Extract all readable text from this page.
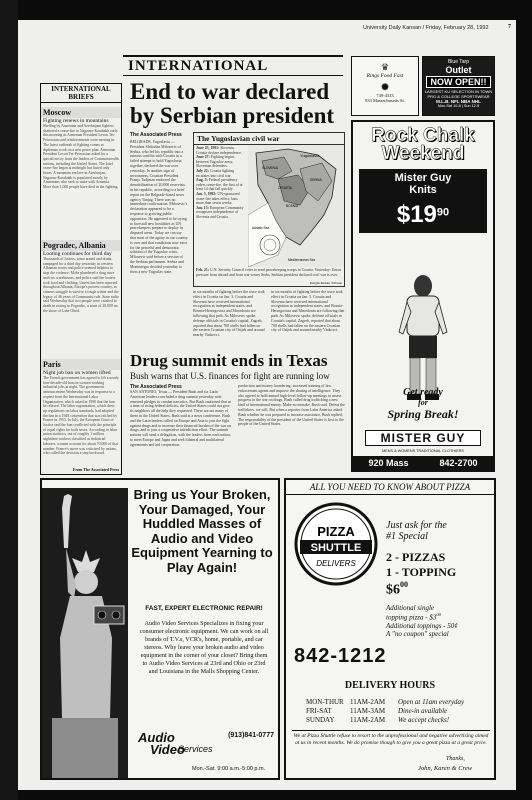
University Daily Kansan / Friday, February 28, 1992	7
INTERNATIONAL
INTERNATIONAL BRIEFS
Moscow
Fighting renews in mountains
Shelling by Armenian and Azerbaijani fighters shattered a cease-fire in Nagorno-Karabakh early this morning as Armenian President Levon Ter-Petrossian said reinforcements were moving in. The latest outbreak of fighting comes as diplomats work on a new peace plan. Armenian President Levon Ter-Petrossian asked for a special envoy from the leaders of Commonwealth nations, including the United States. The brief cease-fire began at midnight but lasted only hours. A mountain enclave in Azerbaijan, Nagorno-Karabakh is populated mostly by Armenians who seek to unite with Armenia. More than 1,000 people have died in the fighting.
Pogradec, Albania
Looting continues for third day
Thousands of looters, some armed and drunk, rampaged for a third day yesterday in western Albanian towns and police seemed helpless to stop the violence. Mobs plundered a drug store and two warehouses, and police said the looters took food and clothing. Unrest has been reported throughout Albania, Europe's poorest country, as citizens struggle to survive a tough winter and the legacy of 46 years of Communist rule. State radio said Wednesday that two people were crushed to death in rioting in Pogradec, a town of 20,000 on the shore of Lake Ohrid.
Paris
Night job ban on women lifted
The French government has agreed to lift a nearly four-decade-old ban on women working industrial jobs at night. The government announcement Wednesday was in response to a request from the International Labor Organization, which asked in 1990 that the ban be relaxed. The labor organization, which drew up regulations on labor standards, had adopted the ban in a 1948 convention that was ratified by France in 1953. In July, the European Court of Justice said the ban conflicted with the principle of equal rights for both sexes. According to labor union statistics, out of roughly 1 million nighttime workers classified as industrial laborers, women account for about 70,000 of that number. France's move was criticized by unions, who called the decision a step backward.
From The Associated Press
End to war declared by Serbian president
The Associated Press
BELGRADE, Yugoslavia — President Slobodan Milosevic of Serbia, who led his republic into a ruinous conflict with Croatia in a failed attempt to hold Yugoslavia together, declared the war over yesterday. In another sign of seriousness, Croatian President Franjo Tudjman endorsed the demobilization of 20,000 reservists in his republic, according to a brief report on the Belgrade-based news agency Tanjug. There was no immediate confirmation. Milosevic's declaration appeared to be a response to growing public opposition. He appeared to be trying to forestall new hostilities as UN peacekeepers prepare to deploy in disputed areas. Today we can say that most of the agony in our country is over and that conditions now exist for the peaceful and democratic solution of the Yugoslav crisis, Milosevic said before a session of the Serbian parliament. Serbia and Montenegro decided yesterday to form a new Yugoslav state.
The Yugoslavian civil war
June 25, 1991: Slovenia, Croatia declare independence.
June 27: Fighting begins between Yugoslav army, Slovenian defenders.
July 22: Croatia fighting escalates into civil war.
Aug. 3: Federal presidency orders cease-fire, the first of at least 14 that fail quickly.
Jan. 3, 1992: UN-sponsored cease-fire takes effect; lasts more than seven weeks.
Jan. 15: European Community recognizes independence of Slovenia and Croatia.
Yugoslavia
SLOVENIA
CROATIA
BOSNIA
SERBIA
Adriatic Sea
Mediterranean Sea
Feb. 21: U.N. Security Council votes to send peacekeeping troops to Croatia. Yesterday: Union pressure from abroad and from war-weary Serbs, Serbian president declared civil war is over.
Knight-Ridder Tribune
in six months of fighting before the truce took effect in Croatia on Jan. 3. Croatia and Slovenia have received international recognition as independent states, and Bosnia-Herzegovina and Macedonia are following that path. As Milosevic spoke, defense officials in Croatia's capital, Zagreb, reported that about 700 shells had fallen on the eastern Croatian city of Osijek and around nearby Vinkovci.
in six months of fighting before the truce took effect in Croatia on Jan. 3. Croatia and Slovenia have received international recognition as independent states, and Bosnia-Herzegovina and Macedonia are following that path. As Milosevic spoke, defense officials in Croatia's capital, Zagreb, reported that about 700 shells had fallen on the eastern Croatian city of Osijek and around nearby Vinkovci.
Drug summit ends in Texas
Bush warns that U.S. finances for fight are running low
The Associated Press
SAN ANTONIO, Texas — President Bush and six Latin American leaders concluded a drug summit yesterday with renewed pledges to combat narcotics. But Bush cautioned that at a time of rising federal deficits, the United States could not give its neighbors all the help they requested. There are not many of these in the United States, Bush said at a news conference. Bush and the Latin leaders called on Europe and Asia to join the fight against drugs and to increase their financial burden of the war on drugs, and to join a cooperative interdiction effort. The summit nations will send a delegation, with the leaders from each nation, to meet Europe and Japan and seek bilateral and multilateral agreements and aid cooperation.
production and money laundering, increased training of law enforcement agents and improve the sharing of intelligence. They also agreed to hold annual high-level follow-up meetings to assess progress in the war on drugs. Bush called drug trafficking a new kind of international enemy. Make no mistake, Bush said. Defeat the traffickers, we will. But when a reporter from Latin America asked Bush whether he was prepared to increase assistance, Bush replied, The responsibility of the president of the United States is first to the people of the United States.
♛
Rings Food Fast
✺
749-4333
933 Massachusetts St.
Blue Tarp
Outlet
NOW OPEN!!
LARGEST KU SELECTION IN TOWN
PRO & COLLEGE SPORTSWEAR
M.L.B. NFL NBA NHL
Mon-Sat 10-8 | Sun 12-5
Rock Chalk
Weekend
Mister Guy
Knits
$\$19^{90}$
Get ready
for
Spring Break!
MISTER GUY
MENS & WOMENS TRADITIONAL CLOTHIERS
920 Mass	842-2700
Bring us Your Broken, Your Damaged, Your Huddled Masses of Audio and Video Equipment Yearning to Play Again!
FAST, EXPERT ELECTRONIC REPAIR!
Audio Video Services Specializes in fixing your consumer electronic equipment. We can work on all brands of T.V.s, VCR's, home, portable, and car stereos. Why leave your broken audio and video equipment in the corner of your closet? Bring them to Audio Video Services at 23rd and Ohio or 23rd and Louisiana in the Malls Shopping Center.
Audio
Video
Services
(913)841-0777
Mon.-Sat. 9:00 a.m.-5:00 p.m.
ALL YOU NEED TO KNOW ABOUT PIZZA
PIZZA
SHUTTLE
DELIVERS
Just ask for the
#1 Special
2 - PIZZAS
1 - TOPPING
$\$6^{00}$
Additional single
topping pizza - $\$3^{00}$
Additional toppings - 50¢
A "no coupon" special
842-1212
DELIVERY HOURS
MON-THUR 11AM-2AM	Open at 11am everyday
FRI-SAT	11AM-3AM	Dine-in available
SUNDAY	11AM-2AM	We accept checks!
We at Pizza Shuttle refuse to resort to the unprofessional and negative advertising aimed at us in recent months. We do promise though to give you a great pizza at a great price.
Thanks,
John, Karen & Crew
